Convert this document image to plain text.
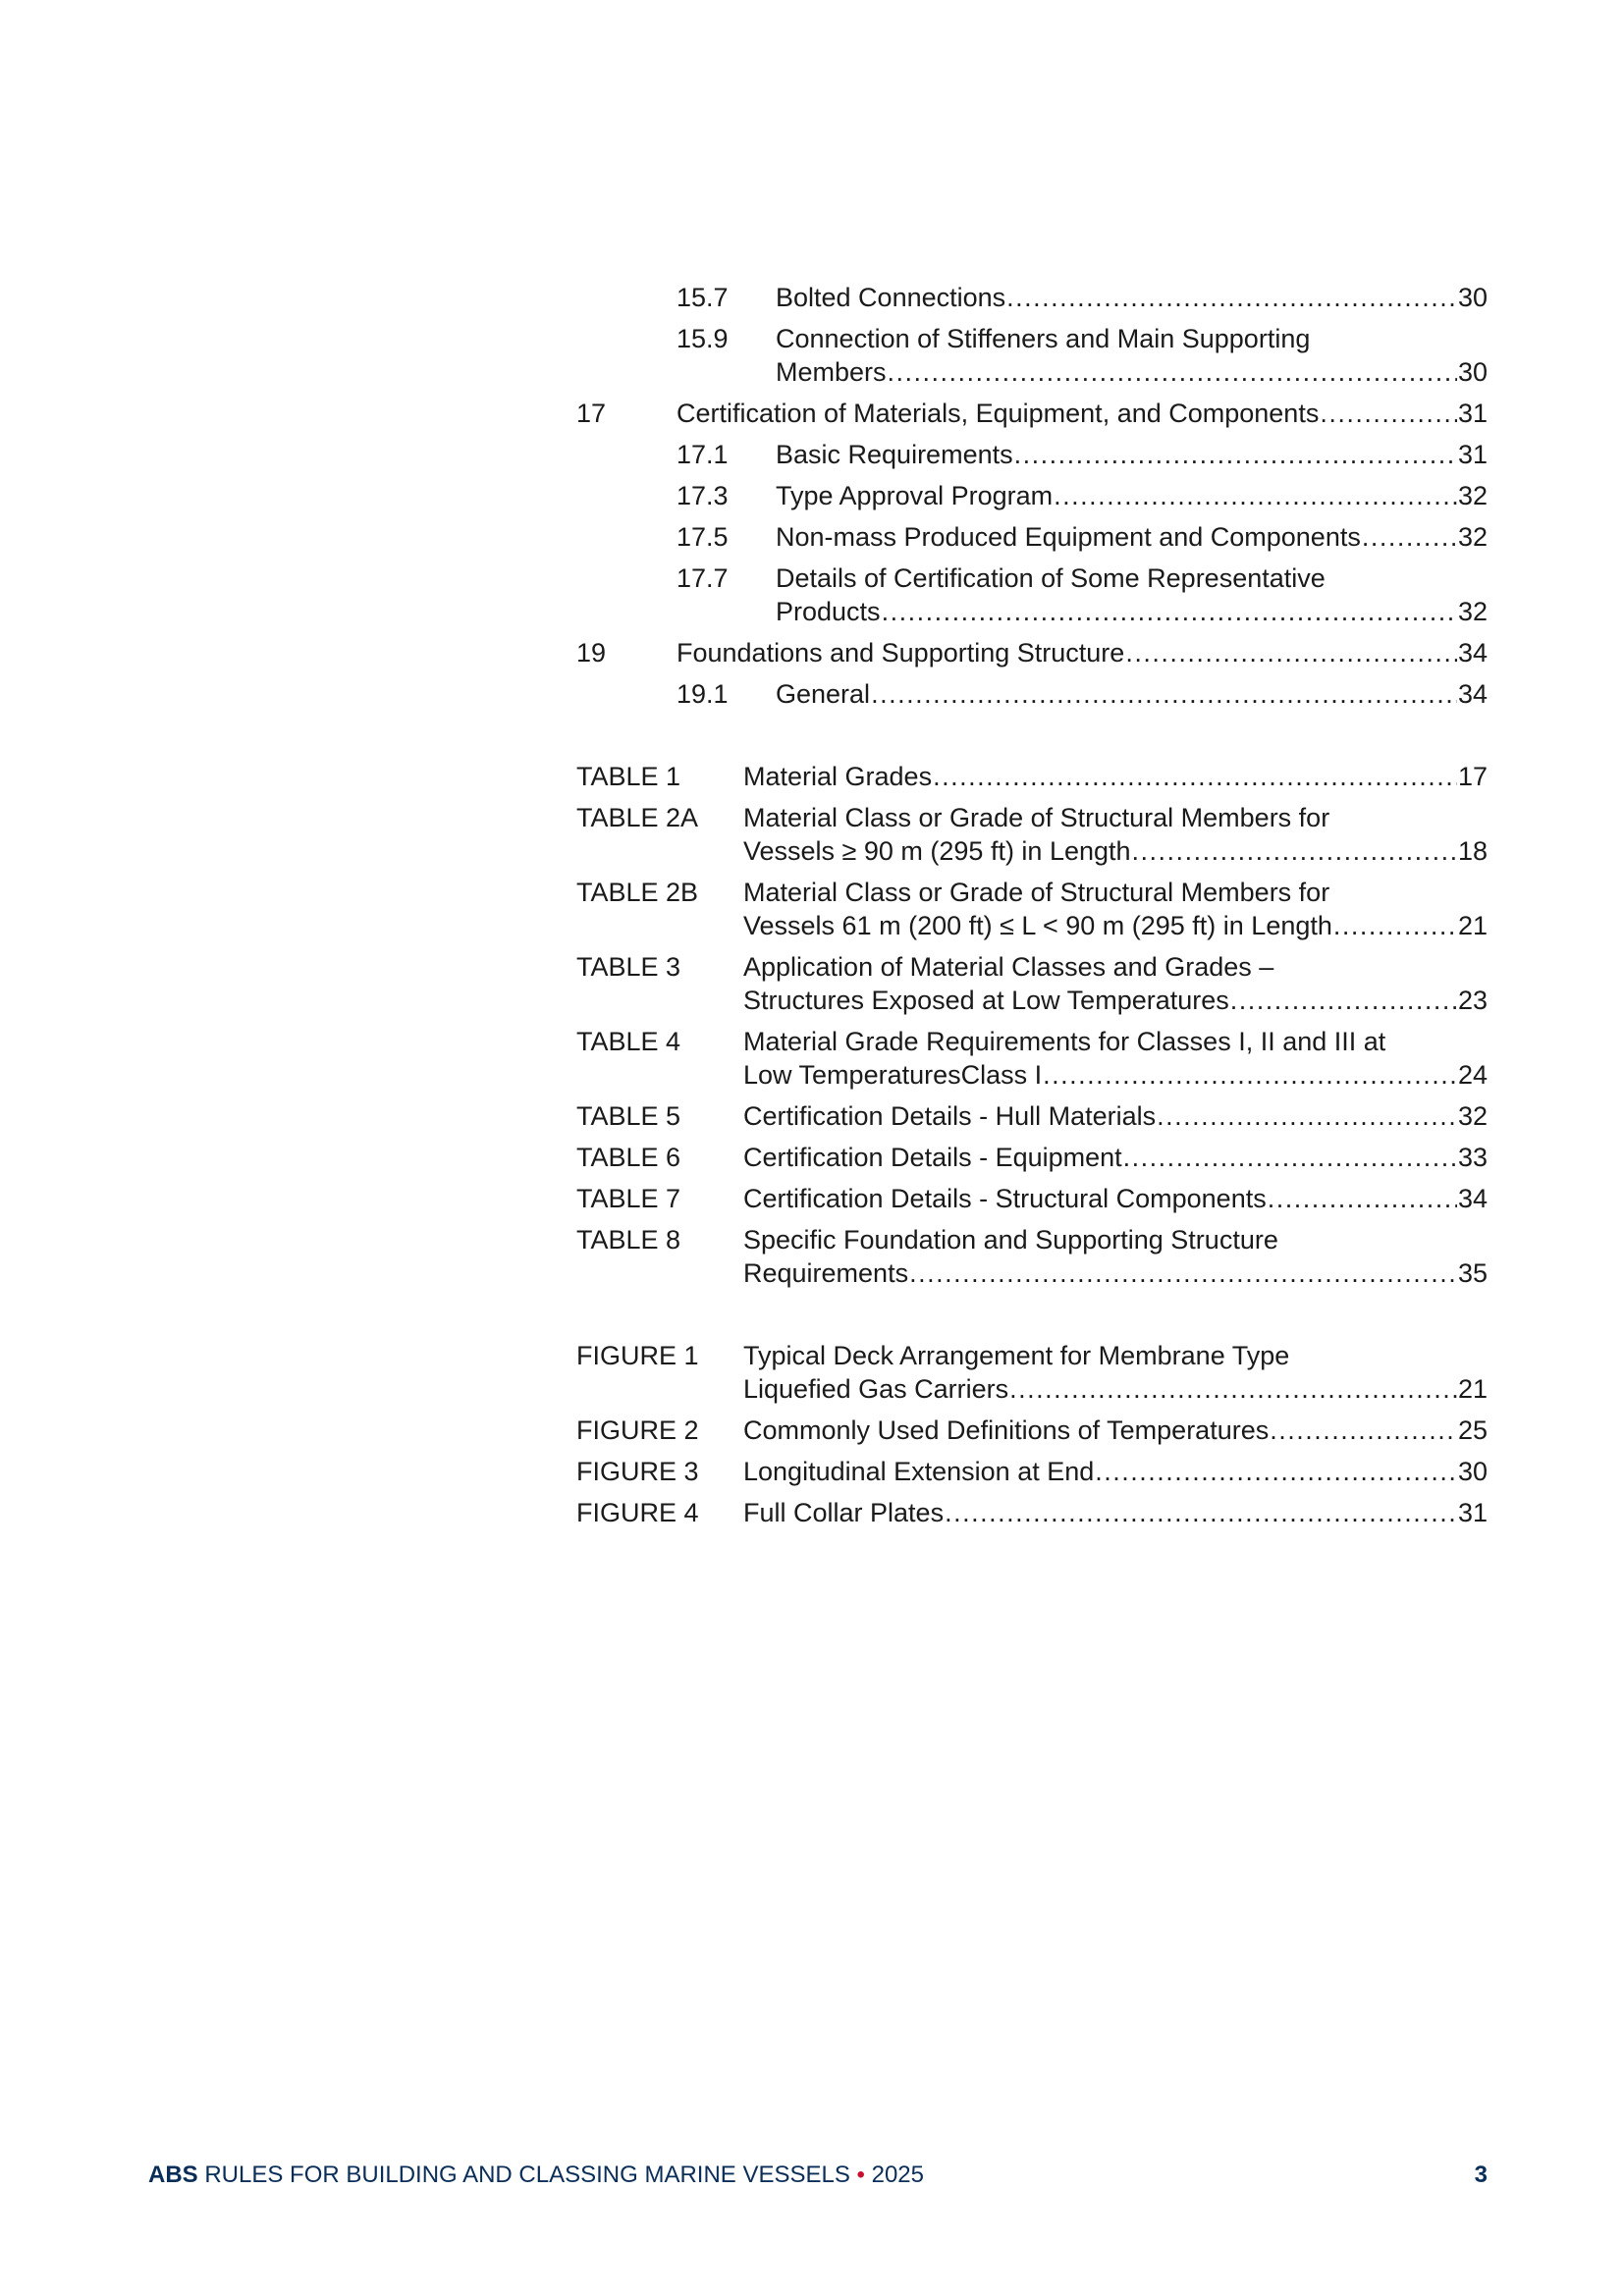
15.7 Bolted Connections . . .	30
15.9 Connection of Stiffeners and Main Supporting
Members . . .	30
17	Certification of Materials, Equipment, and Components . . .	31
17.1 Basic Requirements . . .	31
17.3 Type Approval Program . . .	32
17.5 Non-mass Produced Equipment and Components . . .	32
17.7 Details of Certification of Some Representative
Products . . .	32
19	Foundations and Supporting Structure . . .	34
19.1 General . . .	34
TABLE 1 Material Grades . . .	17
TABLE 2A Material Class or Grade of Structural Members for
Vessels ≥ 90 m (295 ft) in Length . . .	18
TABLE 2B Material Class or Grade of Structural Members for
Vessels 61 m (200 ft) ≤ L < 90 m (295 ft) in Length . . .	21
TABLE 3 Application of Material Classes and Grades –
Structures Exposed at Low Temperatures . . .	23
TABLE 4 Material Grade Requirements for Classes I, II and III at
Low TemperaturesClass I . . .	24
TABLE 5 Certification Details - Hull Materials . . .	32
TABLE 6 Certification Details - Equipment . . .	33
TABLE 7 Certification Details - Structural Components . . .	34
TABLE 8 Specific Foundation and Supporting Structure
Requirements . . .	35
FIGURE 1 Typical Deck Arrangement for Membrane Type
Liquefied Gas Carriers . . .	21
FIGURE 2 Commonly Used Definitions of Temperatures . . .	25
FIGURE 3 Longitudinal Extension at End . . .	30
FIGURE 4 Full Collar Plates . . .	31
ABS RULES FOR BUILDING AND CLASSING MARINE VESSELS • 2025	3
